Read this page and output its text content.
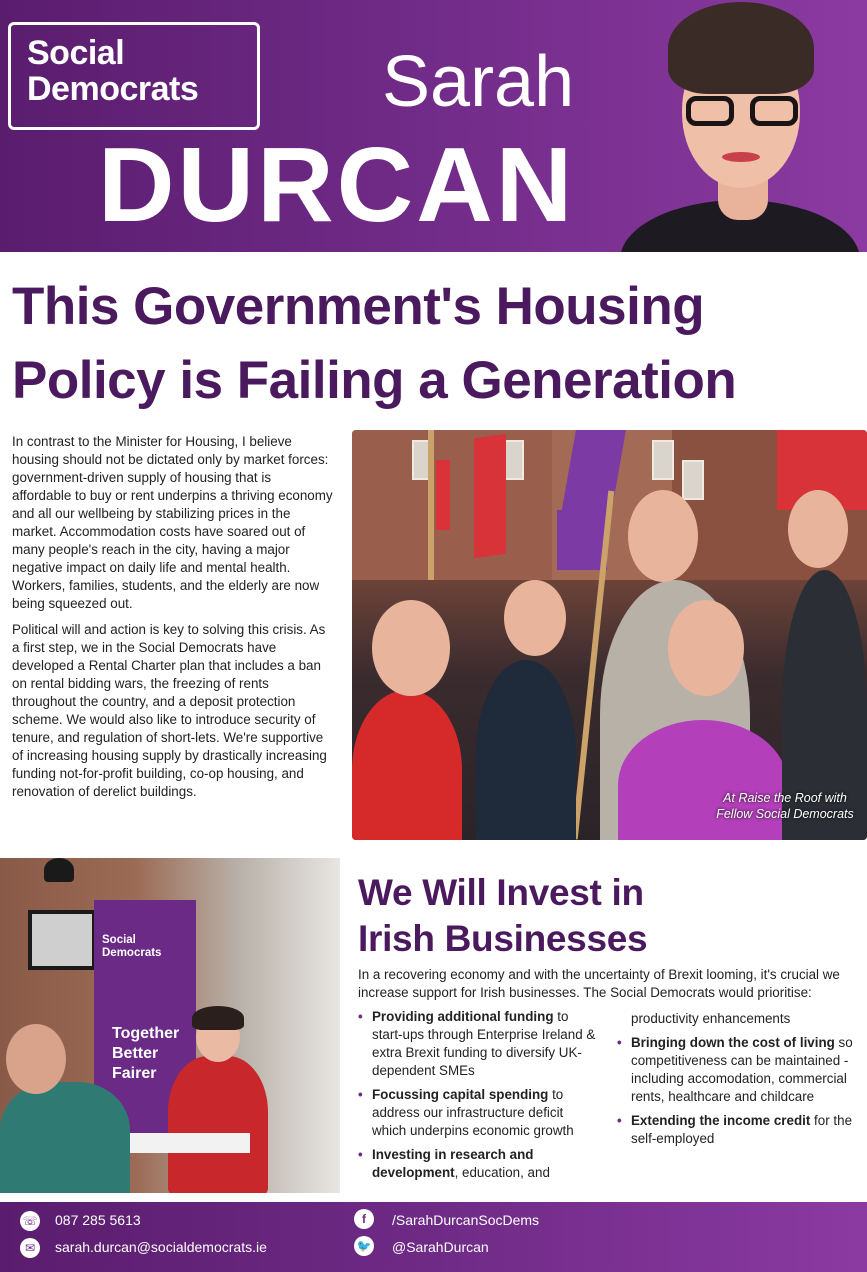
Social
Democrats	Sarah
DURCAN
This Government's Housing
Policy is Failing a Generation

In contrast to the Minister for Housing, I believe housing should not be dictated only by market forces: government-driven supply of housing that is affordable to buy or rent underpins a thriving economy and all our wellbeing by stabilizing prices in the market. Accommodation costs have soared out of many people's reach in the city, having a major negative impact on daily life and mental health. Workers, families, students, and the elderly are now being squeezed out.

Political will and action is key to solving this crisis. As a first step, we in the Social Democrats have developed a Rental Charter plan that includes a ban on rental bidding wars, the freezing of rents throughout the country, and a deposit protection scheme. We would also like to introduce security of tenure, and regulation of short-lets. We're supportive of increasing housing supply by drastically increasing funding not-for-profit building, co-op housing, and renovation of derelict buildings.	At Raise the Roof with Fellow Social Democrats
Social
Democrats
Together
Better
Fairer
We Will Invest in
Irish Businesses
In a recovering economy and with the uncertainty of Brexit looming, it's crucial we increase support for Irish businesses. The Social Democrats would prioritise:
• Providing additional funding to start-ups through Enterprise Ireland & extra Brexit funding to diversify UK-dependent SMEs
• Focussing capital spending to address our infrastructure deficit which underpins economic growth
• Investing in research and development, education, and
productivity enhancements
• Bringing down the cost of living so competitiveness can be maintained - including accomodation, commercial rents, healthcare and childcare
• Extending the income credit for the self-employed
☏ 087 285 5613
✉	sarah.durcan@socialdemocrats.ie
f	/SarahDurcanSocDems
🐦 @SarahDurcan
